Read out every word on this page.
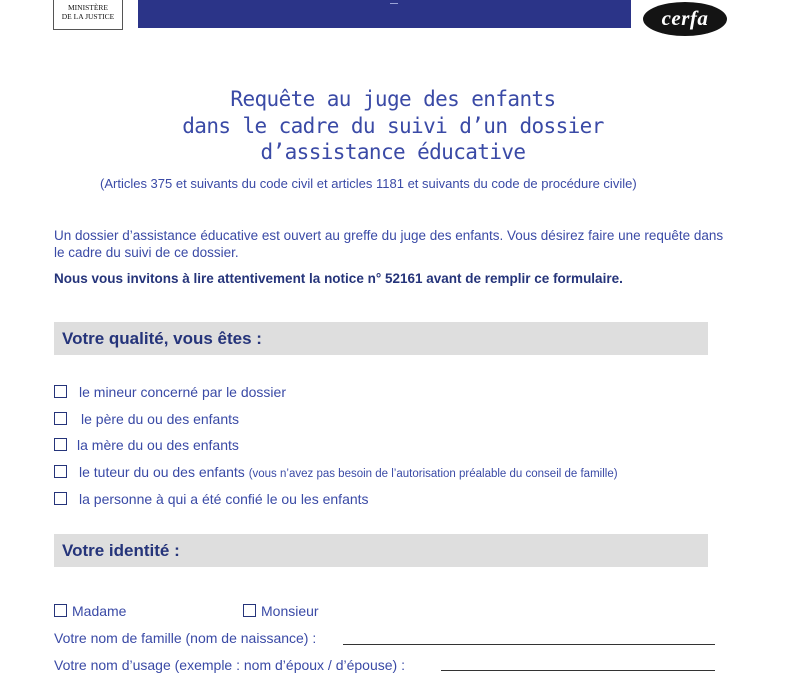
MINISTÈRE
DE LA JUSTICE	cerfa
Requête au juge des enfants
dans le cadre du suivi d’un dossier
d’assistance éducative
(Articles 375 et suivants du code civil et articles 1181 et suivants du code de procédure civile)
Un dossier d’assistance éducative est ouvert au greffe du juge des enfants. Vous désirez faire une requête dans le cadre du suivi de ce dossier.
Nous vous invitons à lire attentivement la notice n° 52161 avant de remplir ce formulaire.
Votre qualité, vous êtes :
le mineur concerné par le dossier
le père du ou des enfants
la mère du ou des enfants
le tuteur du ou des enfants (vous n’avez pas besoin de l’autorisation préalable du conseil de famille)
la personne à qui a été confié le ou les enfants
Votre identité :
Madame	Monsieur
Votre nom de famille (nom de naissance) :
Votre nom d’usage (exemple : nom d’époux / d’épouse) :
